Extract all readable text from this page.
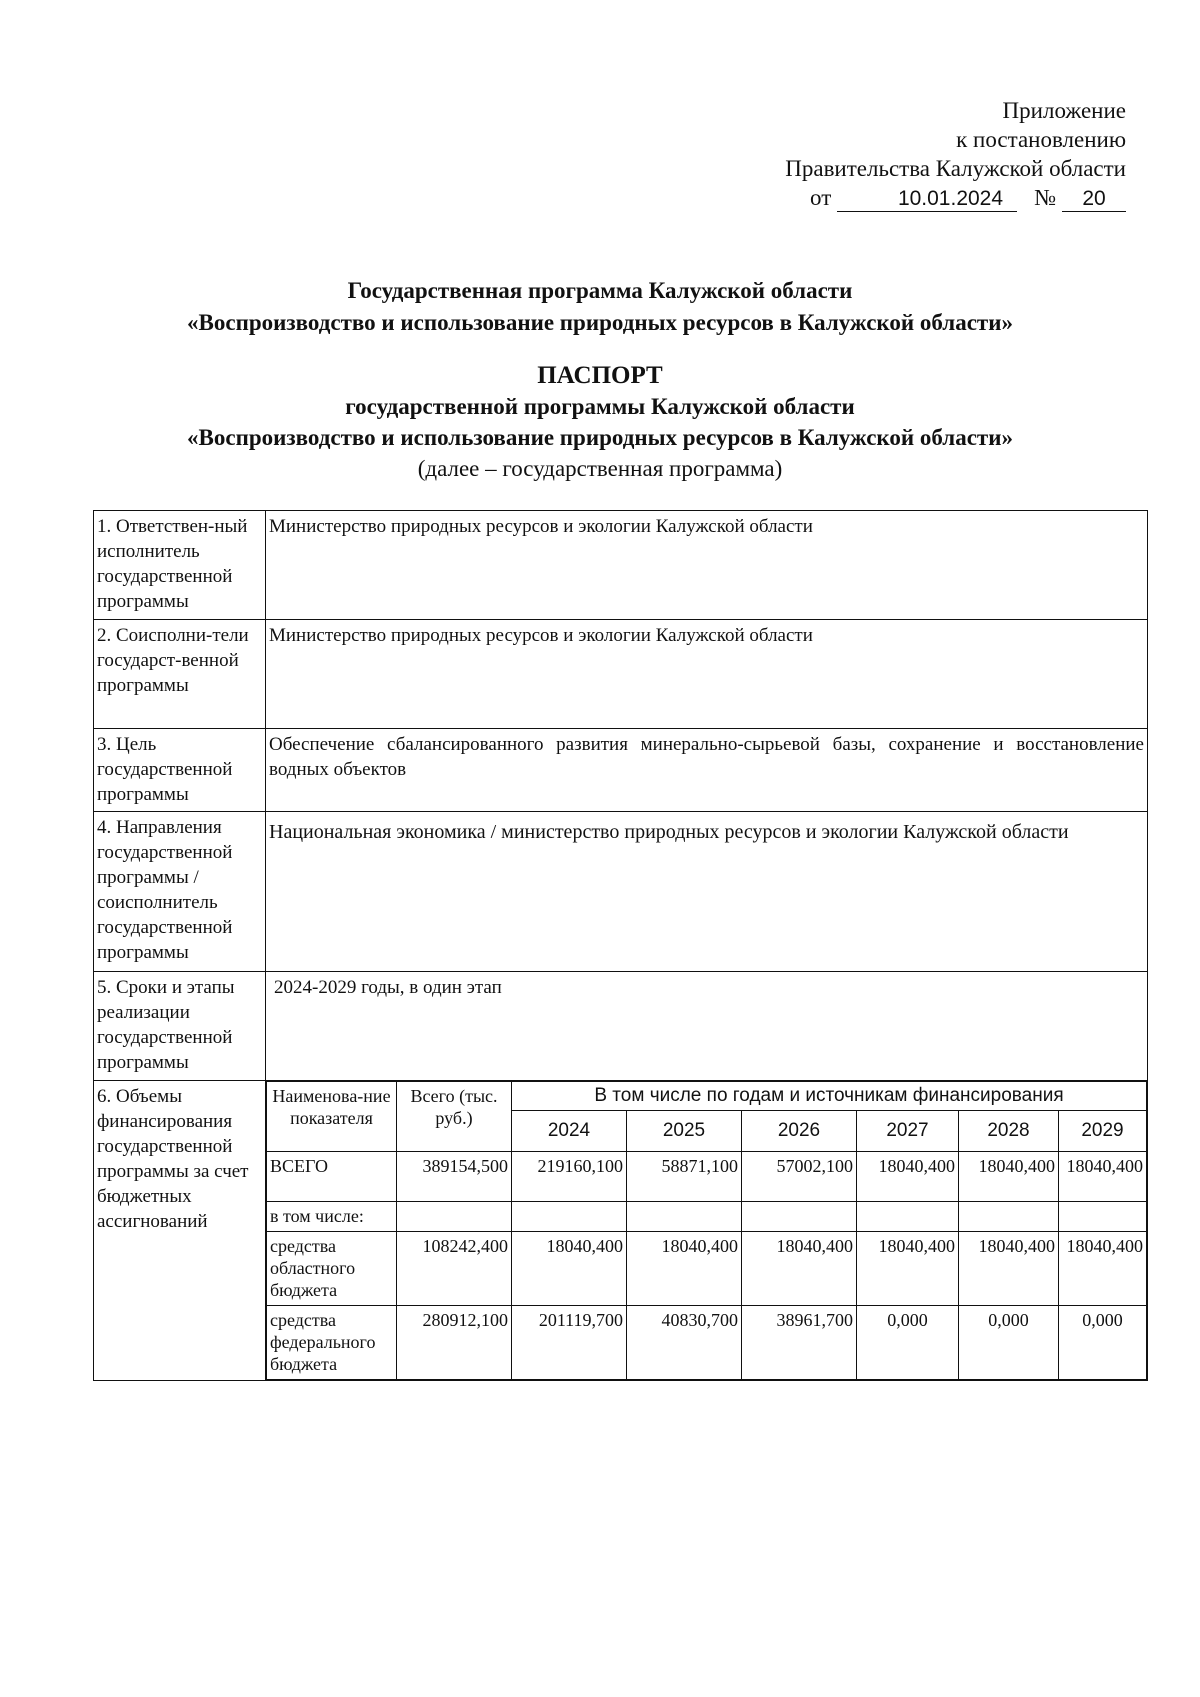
Приложение
к постановлению
Правительства Калужской области
от	10.01.2024 № 20
Государственная программа Калужской области
«Воспроизводство и использование природных ресурсов в Калужской области»
ПАСПОРТ
государственной программы Калужской области
«Воспроизводство и использование природных ресурсов в Калужской области»
(далее – государственная программа)
1. Ответствен-ный исполнитель государственной программы	Министерство природных ресурсов и экологии Калужской области
2. Соисполни-тели государст-венной программы	Министерство природных ресурсов и экологии Калужской области
3. Цель государственной программы	Обеспечение сбалансированного развития минерально-сырьевой базы, сохранение и восстановление водных объектов
4. Направления государственной программы / соисполнитель государственной программы	Национальная экономика / министерство природных ресурсов и экологии Калужской области
5. Сроки и этапы реализации государственной программы	2024-2029 годы, в один этап
6. Объемы финансирования государственной программы за счет бюджетных ассигнований	
Наименова-ние показателя	Всего (тыс. руб.)	В том числе по годам и источникам финансирования
2024	2025	2026	2027	2028	2029
ВСЕГО	389154,500	219160,100	58871,100	57002,100	18040,400	18040,400	18040,400
в том числе:							
средства областного бюджета	108242,400	18040,400	18040,400	18040,400	18040,400	18040,400	18040,400
средства федерального бюджета	280912,100	201119,700	40830,700	38961,700	0,000	0,000	0,000
